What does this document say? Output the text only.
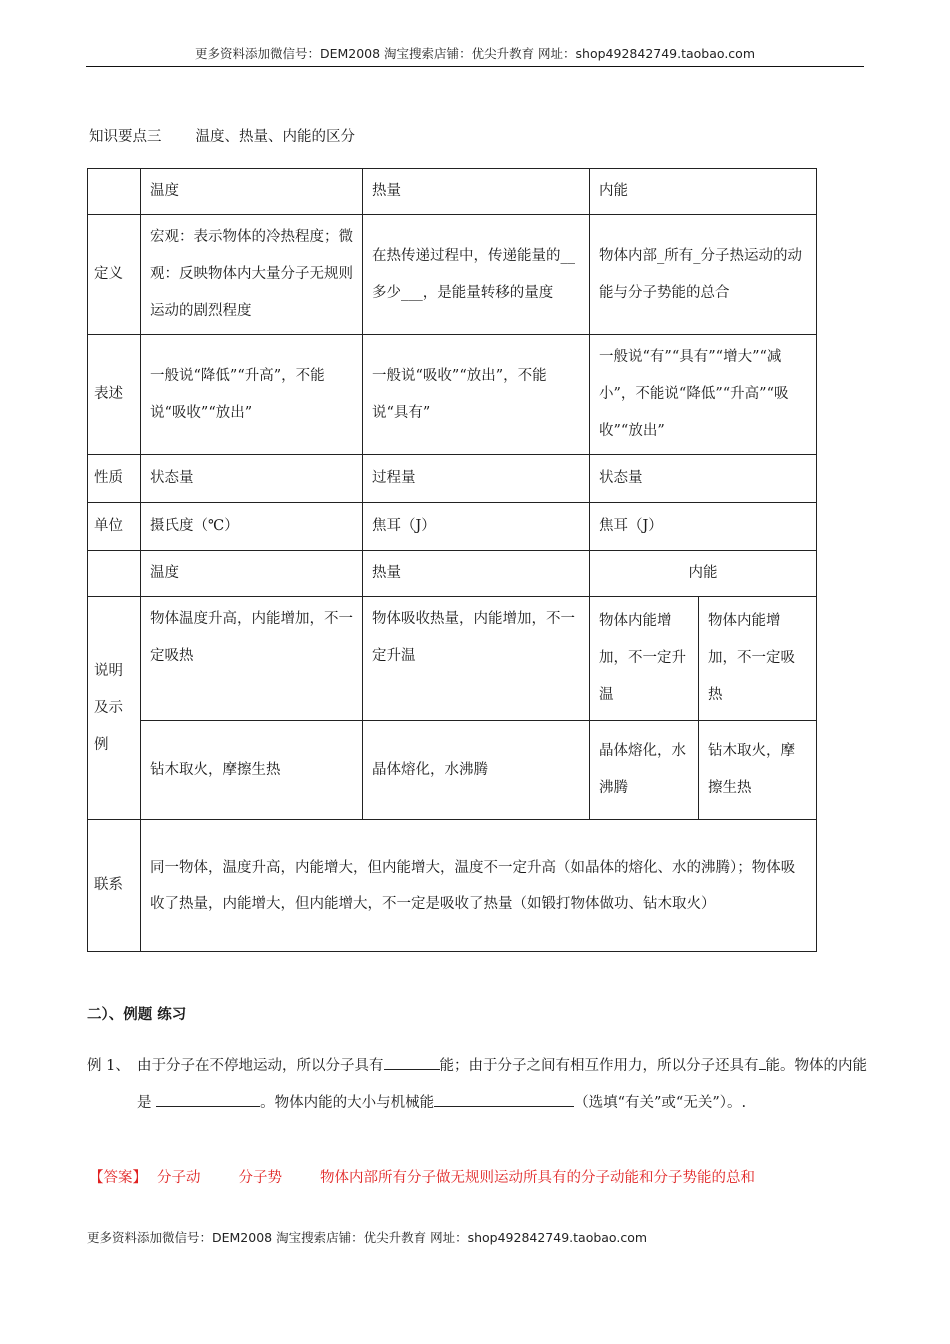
更多资料添加微信号：DEM2008 淘宝搜索店铺：优尖升教育 网址：shop492842749.taobao.com
知识要点三 温度、热量、内能的区分
	温度	热量	内能	
定义	宏观：表示物体的冷热程度；微观：反映物体内大量分子无规则运动的剧烈程度	在热传递过程中，传递能量的__多少___，是能量转移的量度	物体内部_所有_分子热运动的动能与分子势能的总合	
表述	一般说“降低”“升高”，不能说“吸收”“放出”	一般说“吸收”“放出”，不能说“具有”	一般说“有”“具有”“增大”“减小”，不能说“降低”“升高”“吸收”“放出”	
性质	状态量	过程量	状态量	
单位	摄氏度（℃）	焦耳（J）	焦耳（J）	
	温度	热量	内能	
说明及示例	物体温度升高，内能增加，不一定吸热	物体吸收热量，内能增加，不一定升温	物体内能增加，不一定升温	物体内能增加，不一定吸热
	钻木取火，摩擦生热	晶体熔化，水沸腾	晶体熔化，水沸腾	钻木取火，摩擦生热
联系	同一物体，温度升高，内能增大，但内能增大，温度不一定升高（如晶体的熔化、水的沸腾）；物体吸收了热量，内能增大，但内能增大，不一定是吸收了热量（如锻打物体做功、钻木取火）			
二）、例题 练习
例 1、 由于分子在不停地运动，所以分子具有	能；由于分子之间有相互作用力，所以分子还具有 能。物体的内能是	。物体内能的大小与机械能	（选填“有关”或“无关”）。.
【答案】 分子动	分子势	物体内部所有分子做无规则运动所具有的分子动能和分子势能的总和
更多资料添加微信号：DEM2008 淘宝搜索店铺：优尖升教育 网址：shop492842749.taobao.com
